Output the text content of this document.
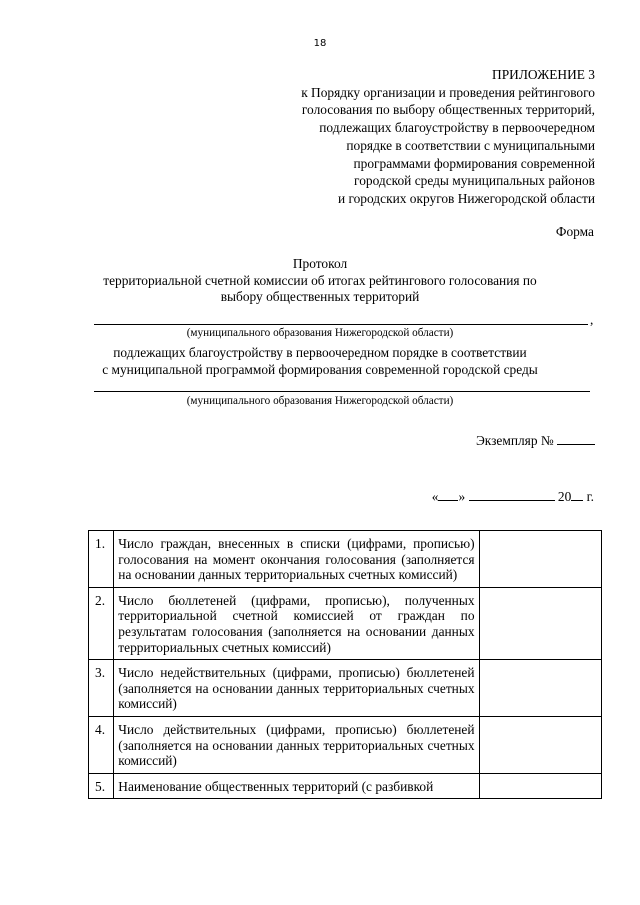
18
ПРИЛОЖЕНИЕ 3
к Порядку организации и проведения рейтингового
голосования по выбору общественных территорий,
подлежащих благоустройству в первоочередном
порядке в соответствии с муниципальными
программами формирования современной
городской среды муниципальных районов
и городских округов Нижегородской области
Форма
Протокол
территориальной счетной комиссии об итогах рейтингового голосования по
выбору общественных территорий
,
(муниципального образования Нижегородской области)
подлежащих благоустройству в первоочередном порядке в соответствии
с муниципальной программой формирования современной городской среды
(муниципального образования Нижегородской области)
Экземпляр №
« »	20 г.
1.	Число граждан, внесенных в списки (цифрами, прописью) голосования на момент окончания голосования (заполняется на основании данных территориальных счетных комиссий)	
2.	Число бюллетеней (цифрами, прописью), полученных территориальной счетной комиссией от граждан по результатам голосования (заполняется на основании данных территориальных счетных комиссий)	
3.	Число недействительных (цифрами, прописью) бюллетеней (заполняется на основании данных территориальных счетных комиссий)	
4.	Число действительных (цифрами, прописью) бюллетеней (заполняется на основании данных территориальных счетных комиссий)	
5.	Наименование общественных территорий (с разбивкой	
